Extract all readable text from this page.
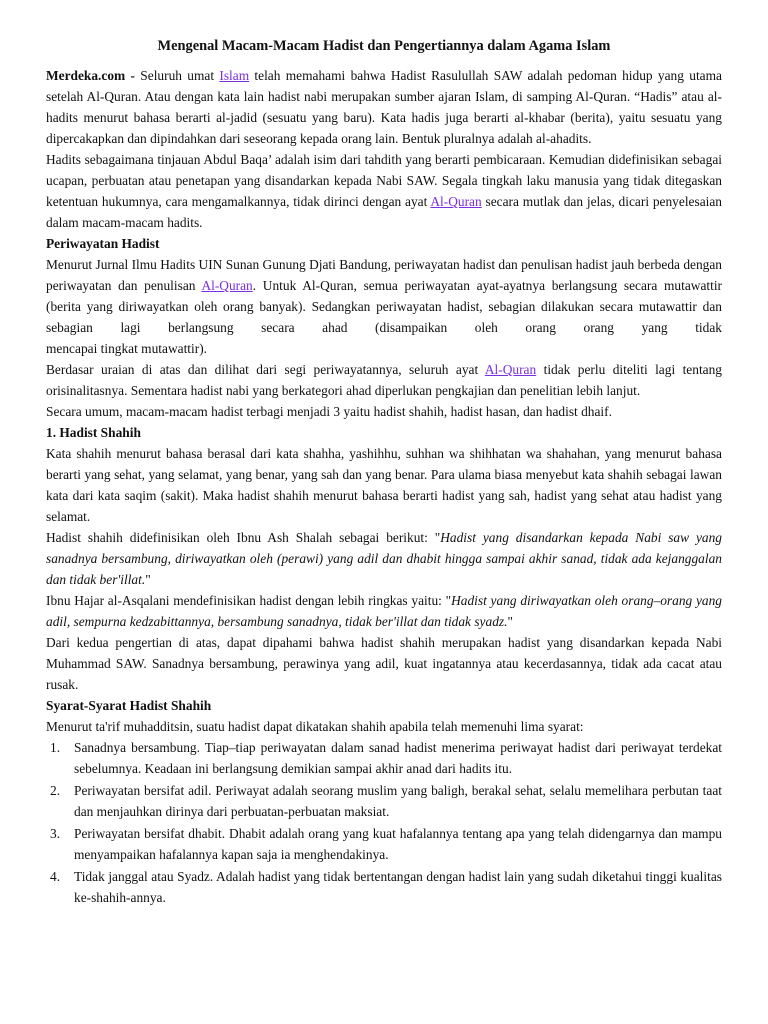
Mengenal Macam-Macam Hadist dan Pengertiannya dalam Agama Islam

Merdeka.com - Seluruh umat Islam telah memahami bahwa Hadist Rasulullah SAW adalah pedoman hidup yang utama setelah Al-Quran. Atau dengan kata lain hadist nabi merupakan sumber ajaran Islam, di samping Al-Quran. “Hadis” atau al-hadits menurut bahasa berarti al-jadid (sesuatu yang baru). Kata hadis juga berarti al-khabar (berita), yaitu sesuatu yang dipercakapkan dan dipindahkan dari seseorang kepada orang lain. Bentuk pluralnya adalah al-ahadits.

Hadits sebagaimana tinjauan Abdul Baqa’ adalah isim dari tahdith yang berarti pembicaraan. Kemudian didefinisikan sebagai ucapan, perbuatan atau penetapan yang disandarkan kepada Nabi SAW. Segala tingkah laku manusia yang tidak ditegaskan ketentuan hukumnya, cara mengamalkannya, tidak dirinci dengan ayat Al-Quran secara mutlak dan jelas, dicari penyelesaian dalam macam-macam hadits.

Periwayatan Hadist

Menurut Jurnal Ilmu Hadits UIN Sunan Gunung Djati Bandung, periwayatan hadist dan penulisan hadist jauh berbeda dengan periwayatan dan penulisan Al-Quran. Untuk Al-Quran, semua periwayatan ayat-ayatnya berlangsung secara mutawattir (berita yang diriwayatkan oleh orang banyak). Sedangkan periwayatan hadist, sebagian dilakukan secara mutawattir dan sebagian lagi berlangsung secara ahad (disampaikan oleh orang orang yang tidak

mencapai tingkat mutawattir).

Berdasar uraian di atas dan dilihat dari segi periwayatannya, seluruh ayat Al-Quran tidak perlu diteliti lagi tentang orisinalitasnya. Sementara hadist nabi yang berkategori ahad diperlukan pengkajian dan penelitian lebih lanjut.

Secara umum, macam-macam hadist terbagi menjadi 3 yaitu hadist shahih, hadist hasan, dan hadist dhaif.

1. Hadist Shahih

Kata shahih menurut bahasa berasal dari kata shahha, yashihhu, suhhan wa shihhatan wa shahahan, yang menurut bahasa berarti yang sehat, yang selamat, yang benar, yang sah dan yang benar. Para ulama biasa menyebut kata shahih sebagai lawan kata dari kata saqim (sakit). Maka hadist shahih menurut bahasa berarti hadist yang sah, hadist yang sehat atau hadist yang selamat.

Hadist shahih didefinisikan oleh Ibnu Ash Shalah sebagai berikut: "Hadist yang disandarkan kepada Nabi saw yang sanadnya bersambung, diriwayatkan oleh (perawi) yang adil dan dhabit hingga sampai akhir sanad, tidak ada kejanggalan dan tidak ber'illat."

Ibnu Hajar al-Asqalani mendefinisikan hadist dengan lebih ringkas yaitu: "Hadist yang diriwayatkan oleh orang–orang yang adil, sempurna kedzabittannya, bersambung sanadnya, tidak ber'illat dan tidak syadz."

Dari kedua pengertian di atas, dapat dipahami bahwa hadist shahih merupakan hadist yang disandarkan kepada Nabi Muhammad SAW. Sanadnya bersambung, perawinya yang adil, kuat ingatannya atau kecerdasannya, tidak ada cacat atau rusak.

Syarat-Syarat Hadist Shahih

Menurut ta'rif muhadditsin, suatu hadist dapat dikatakan shahih apabila telah memenuhi lima syarat:

1. Sanadnya bersambung. Tiap–tiap periwayatan dalam sanad hadist menerima periwayat hadist dari periwayat terdekat sebelumnya. Keadaan ini berlangsung demikian sampai akhir anad dari hadits itu.
2. Periwayatan bersifat adil. Periwayat adalah seorang muslim yang baligh, berakal sehat, selalu memelihara perbutan taat dan menjauhkan dirinya dari perbuatan-perbuatan maksiat.
3. Periwayatan bersifat dhabit. Dhabit adalah orang yang kuat hafalannya tentang apa yang telah didengarnya dan mampu menyampaikan hafalannya kapan saja ia menghendakinya.
4. Tidak janggal atau Syadz. Adalah hadist yang tidak bertentangan dengan hadist lain yang sudah diketahui tinggi kualitas ke-shahih-annya.
